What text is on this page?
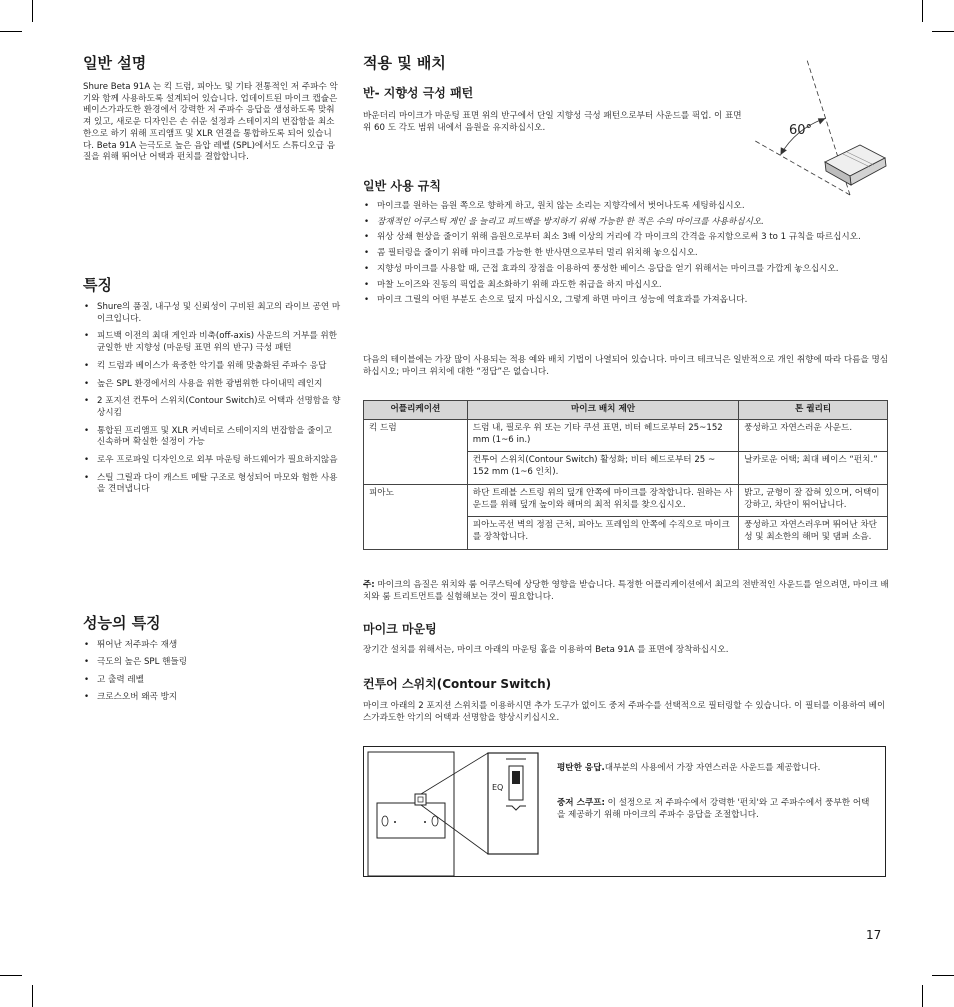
일반 설명

Shure Beta 91A 는 킥 드럼, 피아노 및 기타 전통적인 저 주파수 악기와 함께 사용하도록 설계되어 있습니다. 업데이트된 마이크 캡슐은 베이스가과도한 환경에서 강력한 저 주파수 응답을 생성하도록 맞춰져 있고, 새로운 디자인은 손 쉬운 설정과 스테이지의 번잡함을 최소한으로 하기 위해 프리앰프 및 XLR 연결을 통합하도록 되어 있습니다. Beta 91A 는극도로 높은 음압 레벨 (SPL)에서도 스튜디오급 음질을 위해 뛰어난 어택과 펀치를 결합합니다.

특징
• Shure의 품질, 내구성 및 신뢰성이 구비된 최고의 라이브 공연 마이크입니다.
• 피드백 이전의 최대 게인과 비축(off-axis) 사운드의 거부를 위한 균일한 반 지향성 (마운팅 표면 위의 반구) 극성 패턴
• 킥 드럼과 베이스가 육중한 악기를 위해 맞춤화된 주파수 응답
• 높은 SPL 환경에서의 사용을 위한 광범위한 다이내믹 레인지
• 2 포지션 컨투어 스위치(Contour Switch)로 어택과 선명함을 향상시킴
• 통합된 프리앰프 및 XLR 커넥터로 스테이지의 번잡함을 줄이고 신속하며 확실한 설정이 가능
• 로우 프로파일 디자인으로 외부 마운팅 하드웨어가 필요하지않음
• 스틸 그릴과 다이 캐스트 메탈 구조로 형성되어 마모와 험한 사용을 견뎌냅니다
성능의 특징
• 뛰어난 저주파수 재생
• 극도의 높은 SPL 핸들링
• 고 출력 레벨
• 크로스오버 왜곡 방지
적용 및 배치
반- 지향성 극성 패턴

바운더리 마이크가 마운팅 표면 위의 반구에서 단일 지향성 극성 패턴으로부터 사운드를 픽업. 이 표면 위 60 도 각도 범위 내에서 음원을 유지하십시오.	60°
일반 사용 규칙
• 마이크를 원하는 음원 쪽으로 향하게 하고, 원치 않는 소리는 지향각에서 벗어나도록 세팅하십시오.
• 잠재적인 어쿠스틱 게인 을 늘리고 피드백을 방지하기 위해 가능한 한 적은 수의 마이크를 사용하십시오.
• 위상 상쇄 현상을 줄이기 위해 음원으로부터 최소 3배 이상의 거리에 각 마이크의 간격을 유지함으로써 3 to 1 규칙을 따르십시오.
• 콤 필터링을 줄이기 위해 마이크를 가능한 한 반사면으로부터 멀리 위치해 놓으십시오.
• 지향성 마이크를 사용할 때, 근접 효과의 장점을 이용하여 풍성한 베이스 응답을 얻기 위해서는 마이크를 가깝게 놓으십시오.
• 마찰 노이즈와 진동의 픽업을 최소화하기 위해 과도한 취급을 하지 마십시오.
• 마이크 그릴의 어떤 부분도 손으로 덮지 마십시오, 그렇게 하면 마이크 성능에 역효과를 가져옵니다.

다음의 테이블에는 가장 많이 사용되는 적용 예와 배치 기법이 나열되어 있습니다. 마이크 테크닉은 일반적으로 개인 취향에 따라 다름을 명심하십시오; 마이크 위치에 대한 “정답”은 없습니다.

어플리케이션	마이크 배치 제안	톤 퀄리티
킥 드럼	드럼 내, 필로우 위 또는 기타 쿠션 표면, 비터 헤드로부터 25~152 mm (1~6 in.)	풍성하고 자연스러운 사운드.
	컨투어 스위치(Contour Switch) 활성화; 비터 헤드로부터 25 ~ 152 mm (1~6 인치).	날카로운 어택; 최대 베이스 “펀치.”
피아노	하단 트레블 스트링 위의 덮개 안쪽에 마이크를 장착합니다. 원하는 사운드를 위해 덮개 높이와 해머의 최적 위치를 찾으십시오.	밝고, 균형이 잘 잡혀 있으며, 어택이 강하고, 차단이 뛰어납니다.
	피아노곡선 벽의 정점 근처, 피아노 프레임의 안쪽에 수직으로 마이크를 장착합니다.	풍성하고 자연스러우며 뛰어난 차단성 및 최소한의 해머 및 댐퍼 소음.

주: 마이크의 음질은 위치와 룸 어쿠스틱에 상당한 영향을 받습니다. 특정한 어플리케이션에서 최고의 전반적인 사운드를 얻으려면, 마이크 배치와 룸 트리트먼트를 실험해보는 것이 필요합니다.

마이크 마운팅

장기간 설치를 위해서는, 마이크 아래의 마운팅 홀을 이용하여 Beta 91A 를 표면에 장착하십시오.

컨투어 스위치(Contour Switch)

마이크 아래의 2 포지션 스위치를 이용하시면 추가 도구가 없이도 중저 주파수를 선택적으로 필터링할 수 있습니다. 이 필터를 이용하여 베이스가과도한 악기의 어택과 선명함을 향상시키십시오.

EQ

평탄한 응답.대부분의 사용에서 가장 자연스러운 사운드를 제공합니다.

중저 스쿠프: 이 설정으로 저 주파수에서 강력한 '펀치'와 고 주파수에서 풍부한 어택을 제공하기 위해 마이크의 주파수 응답을 조절합니다.

17
